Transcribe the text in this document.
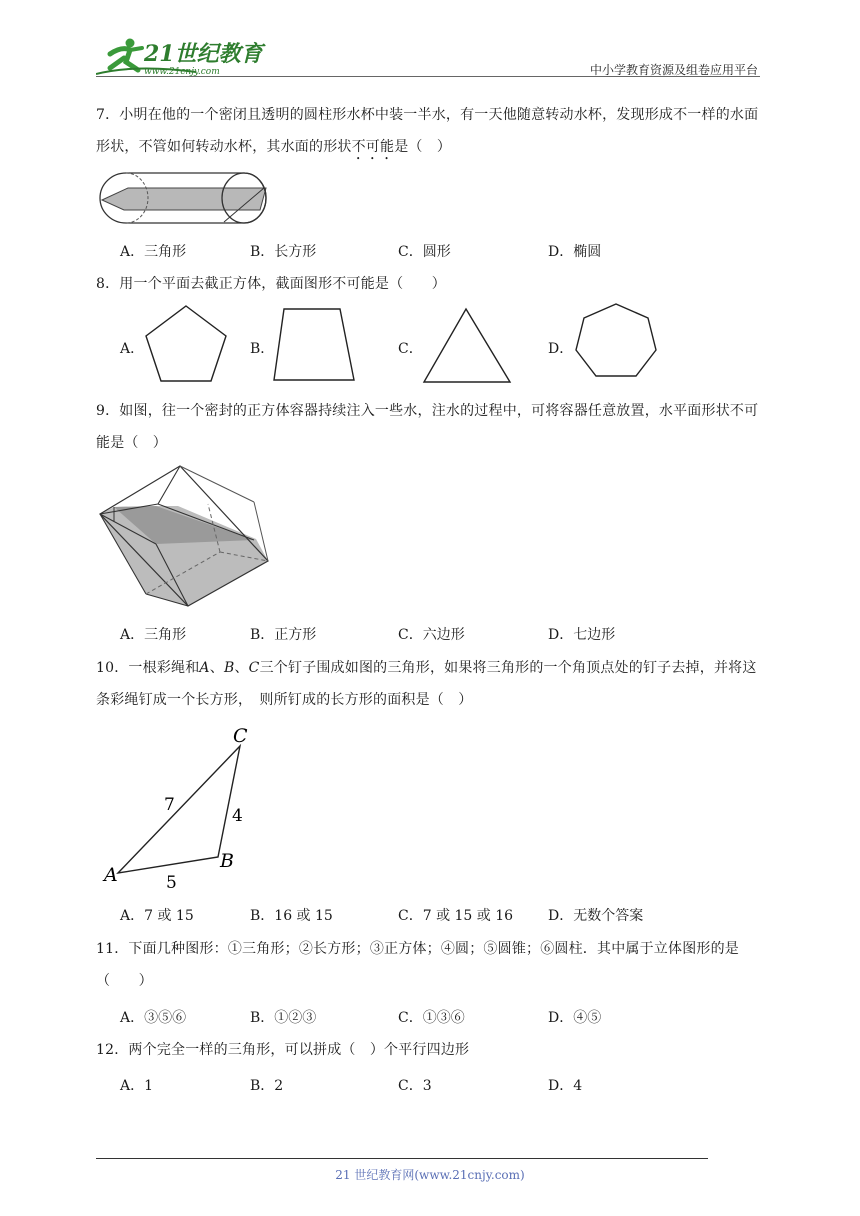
21世纪教育
www.21cnjy.com	中小学教育资源及组卷应用平台
7．小明在他的一个密闭且透明的圆柱形水杯中装一半水，有一天他随意转动水杯，发现形成不一样的水面形状，不管如何转动水杯，其水面的形状不可能是（　）
A．三角形	B．长方形	C．圆形	D．椭圆
8．用一个平面去截正方体，截面图形不可能是（　　）
A．	B．	C．	D．
9．如图，往一个密封的正方体容器持续注入一些水，注水的过程中，可将容器任意放置，水平面形状不可能是（　）
A．三角形	B．正方形	C．六边形	D．七边形
10．一根彩绳和A、B、C三个钉子围成如图的三角形，如果将三角形的一个角顶点处的钉子去掉，并将这条彩绳钉成一个长方形，　则所钉成的长方形的面积是（　）
A
B
C
7
4
5
A．7 或 15	B．16 或 15	C．7 或 15 或 16 D．无数个答案
11．下面几种图形：①三角形；②长方形；③正方体；④圆；⑤圆锥；⑥圆柱．其中属于立体图形的是（　　）
A．③⑤⑥	B．①②③	C．①③⑥	D．④⑤
12．两个完全一样的三角形，可以拼成（　）个平行四边形
A．1	B．2	C．3	D．4
21 世纪教育网(www.21cnjy.com)
